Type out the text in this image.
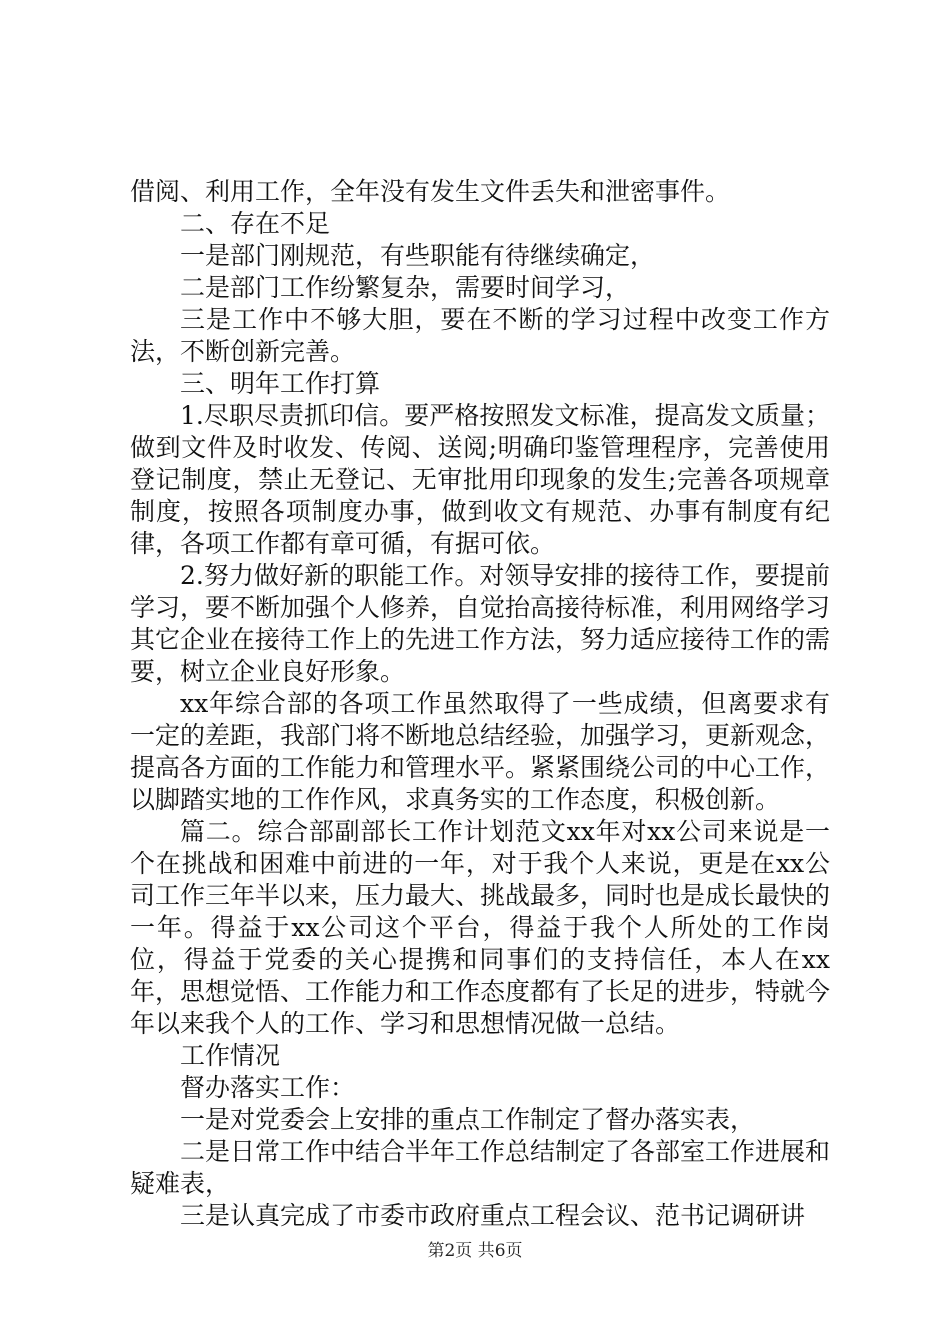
借阅、利用工作，全年没有发生文件丢失和泄密事件。

二、存在不足

一是部门刚规范，有些职能有待继续确定，

二是部门工作纷繁复杂，需要时间学习，

三是工作中不够大胆，要在不断的学习过程中改变工作方法，不断创新完善。

三、明年工作打算

1.尽职尽责抓印信。要严格按照发文标准，提高发文质量；做到文件及时收发、传阅、送阅;明确印鉴管理程序，完善使用登记制度，禁止无登记、无审批用印现象的发生;完善各项规章制度，按照各项制度办事，做到收文有规范、办事有制度有纪律，各项工作都有章可循，有据可依。

2.努力做好新的职能工作。对领导安排的接待工作，要提前学习，要不断加强个人修养，自觉抬高接待标准，利用网络学习其它企业在接待工作上的先进工作方法，努力适应接待工作的需要，树立企业良好形象。

xx年综合部的各项工作虽然取得了一些成绩，但离要求有一定的差距，我部门将不断地总结经验，加强学习，更新观念，提高各方面的工作能力和管理水平。紧紧围绕公司的中心工作，以脚踏实地的工作作风，求真务实的工作态度，积极创新。

篇二。综合部副部长工作计划范文xx年对xx公司来说是一个在挑战和困难中前进的一年，对于我个人来说，更是在xx公司工作三年半以来，压力最大、挑战最多，同时也是成长最快的一年。得益于xx公司这个平台，得益于我个人所处的工作岗位，得益于党委的关心提携和同事们的支持信任，本人在xx年，思想觉悟、工作能力和工作态度都有了长足的进步，特就今年以来我个人的工作、学习和思想情况做一总结。

工作情况

督办落实工作：

一是对党委会上安排的重点工作制定了督办落实表，

二是日常工作中结合半年工作总结制定了各部室工作进展和疑难表，

三是认真完成了市委市政府重点工程会议、范书记调研讲

第2页 共6页
